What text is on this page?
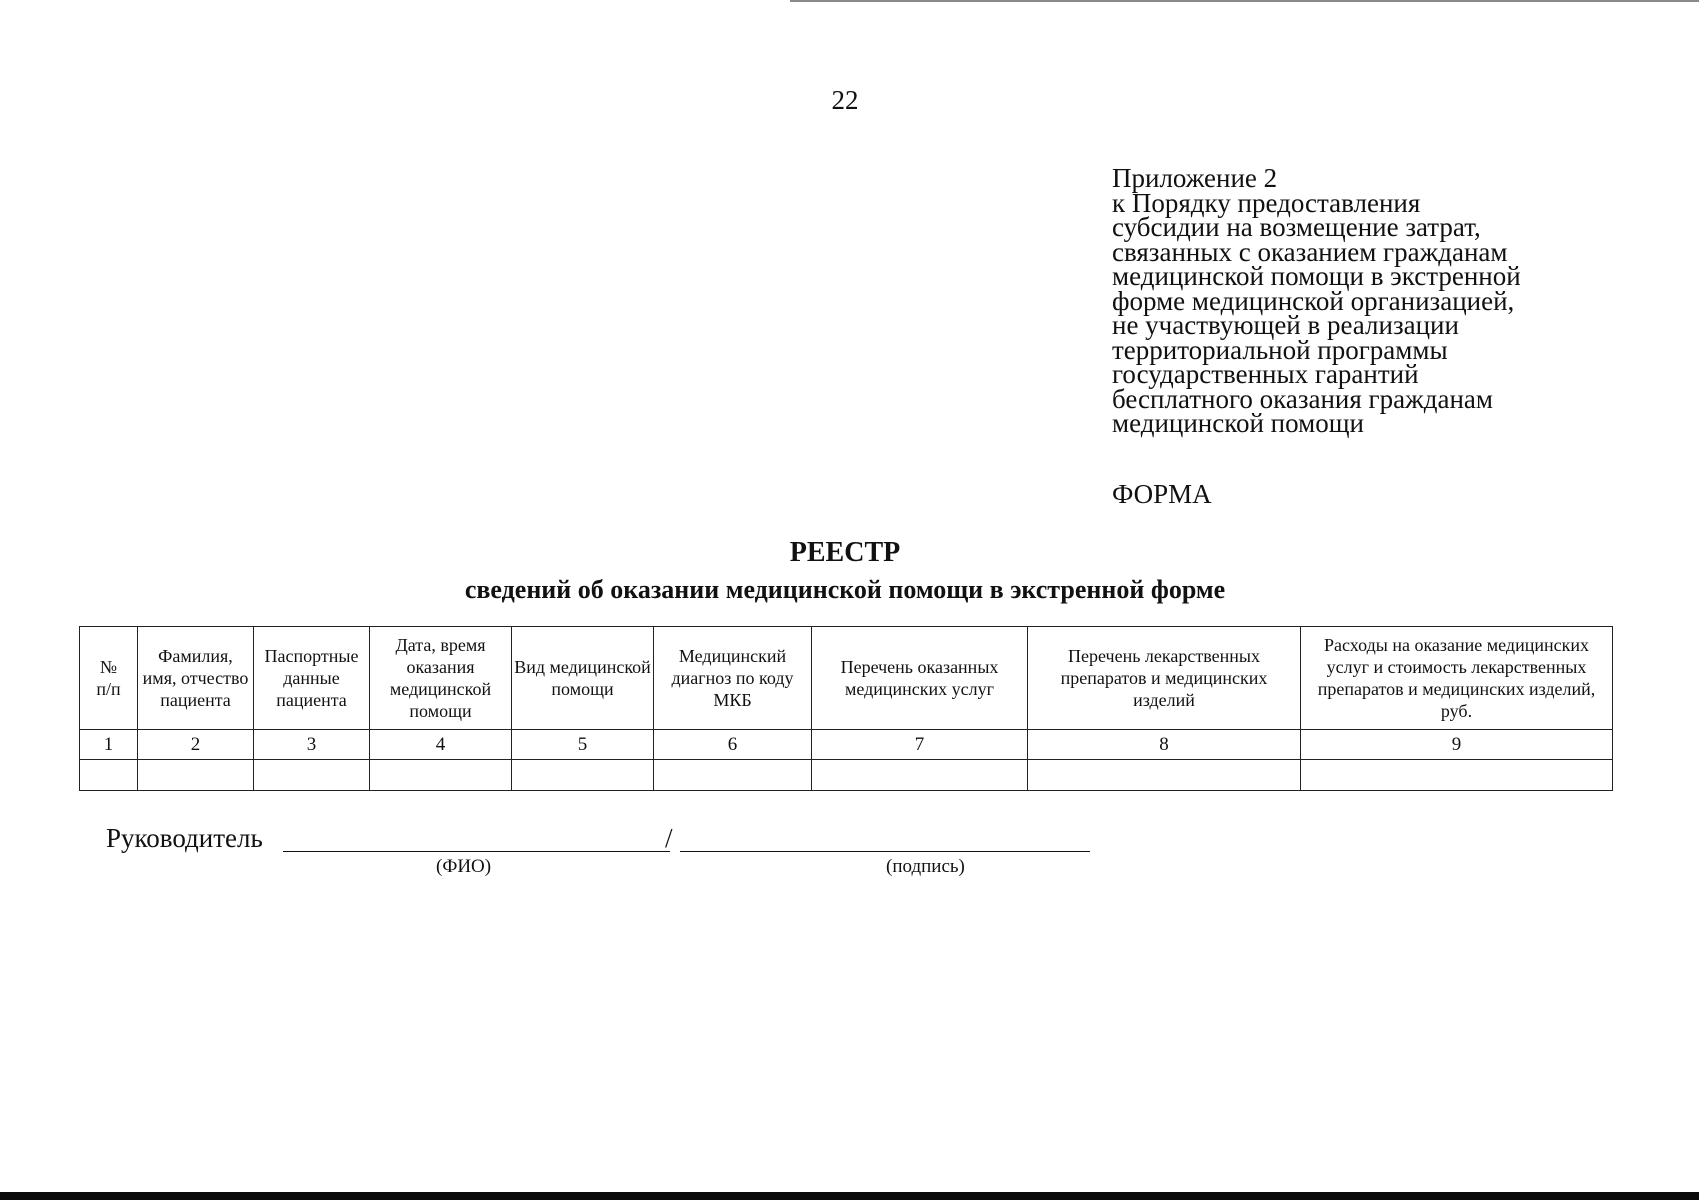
22
Приложение 2
к Порядку предоставления
субсидии на возмещение затрат,
связанных с оказанием гражданам
медицинской помощи в экстренной
форме медицинской организацией,
не участвующей в реализации
территориальной программы
государственных гарантий
бесплатного оказания гражданам
медицинской помощи
ФОРМА
РЕЕСТР
сведений об оказании медицинской помощи в экстренной форме
№ п/п	Фамилия, имя, отчество пациента	Паспортные данные пациента	Дата, время оказания медицинской помощи	Вид медицинской помощи	Медицинский диагноз по коду МКБ	Перечень оказанных медицинских услуг	Перечень лекарственных препаратов и медицинских изделий	Расходы на оказание медицинских услуг и стоимость лекарственных препаратов и медицинских изделий, руб.
1	2	3	4	5	6	7	8	9

Руководитель	/
(ФИО)	(подпись)
